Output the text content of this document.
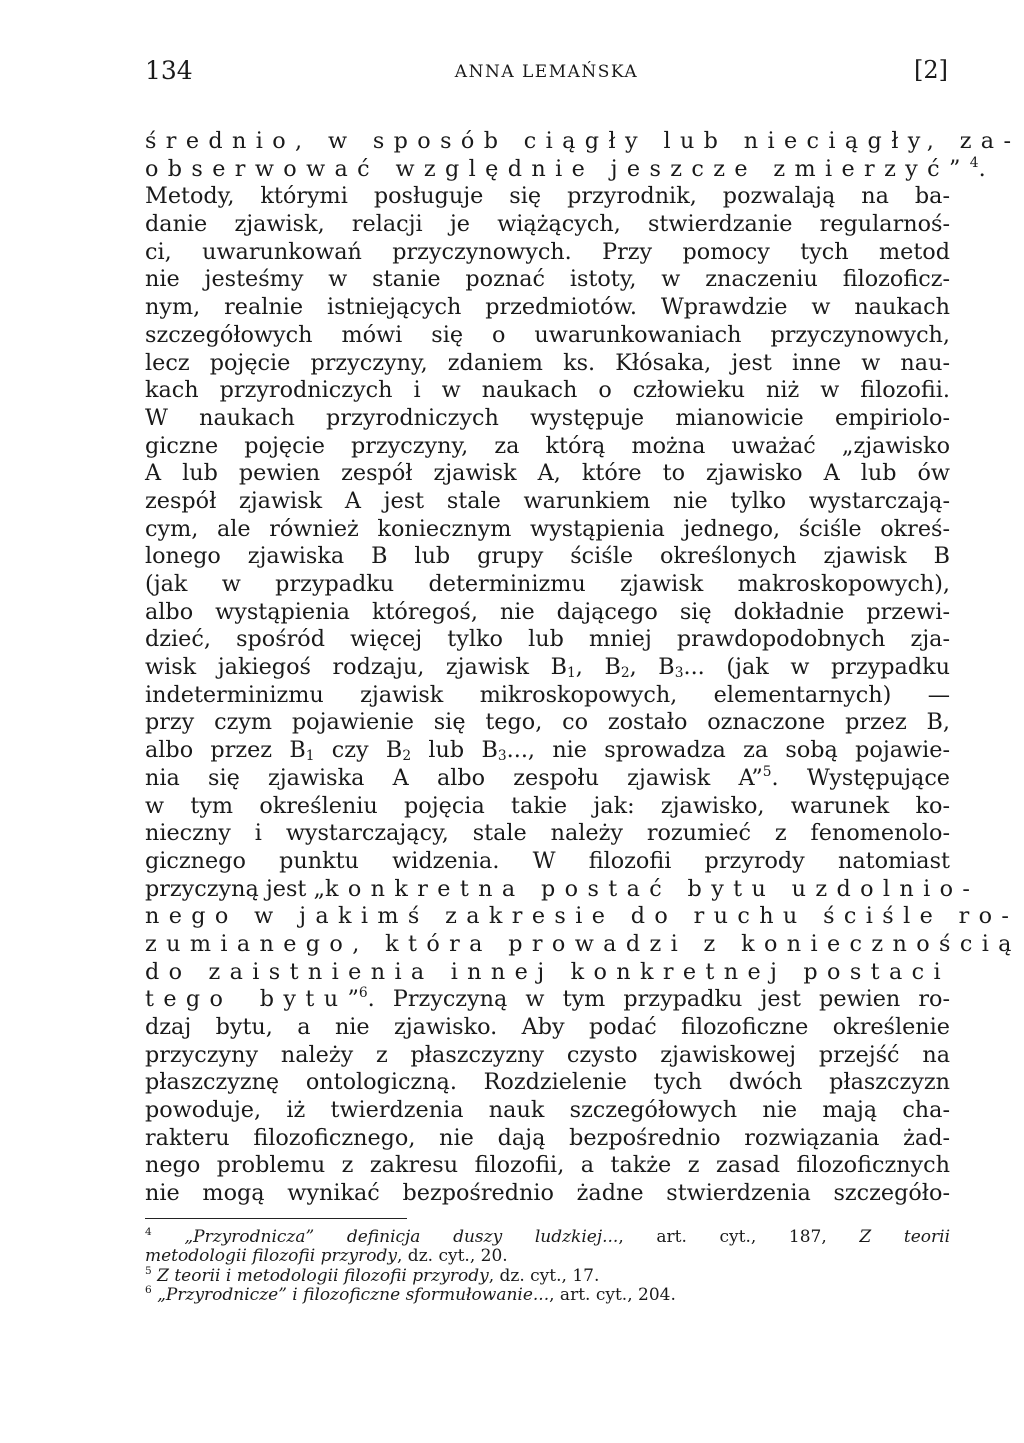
134	ANNA LEMAŃSKA	[2]
średnio, w sposób ciągły lub nieciągły, za-
obserwować względnie jeszcze zmierzyć”$^4$.
Metody, którymi posługuje się przyrodnik, pozwalają na ba-
danie zjawisk, relacji je wiążących, stwierdzanie regularnoś-
ci, uwarunkowań przyczynowych. Przy pomocy tych metod
nie jesteśmy w stanie poznać istoty, w znaczeniu filozoficz-
nym, realnie istniejących przedmiotów. Wprawdzie w naukach
szczegółowych mówi się o uwarunkowaniach przyczynowych,
lecz pojęcie przyczyny, zdaniem ks. Kłósaka, jest inne w nau-
kach przyrodniczych i w naukach o człowieku niż w filozofii.
W naukach przyrodniczych występuje mianowicie empiriolo-
giczne pojęcie przyczyny, za którą można uważać „zjawisko
A lub pewien zespół zjawisk A, które to zjawisko A lub ów
zespół zjawisk A jest stale warunkiem nie tylko wystarczają-
cym, ale również koniecznym wystąpienia jednego, ściśle okreś-
lonego zjawiska B lub grupy ściśle określonych zjawisk B
(jak w przypadku determinizmu zjawisk makroskopowych),
albo wystąpienia któregoś, nie dającego się dokładnie przewi-
dzieć, spośród więcej tylko lub mniej prawdopodobnych zja-
wisk jakiegoś rodzaju, zjawisk $B_1$, $B_2$, $B_3$... (jak w przypadku
indeterminizmu zjawisk mikroskopowych, elementarnych) —
przy czym pojawienie się tego, co zostało oznaczone przez B,
albo przez $B_1$ czy $B_2$ lub $B_3$..., nie sprowadza za sobą pojawie-
nia się zjawiska A albo zespołu zjawisk A”$^5$. Występujące
w tym określeniu pojęcia takie jak: zjawisko, warunek ko-
nieczny i wystarczający, stale należy rozumieć z fenomenolo-
gicznego punktu widzenia. W filozofii przyrody natomiast
przyczyną jest „konkretna postać bytu uzdolnio-
nego w jakimś zakresie do ruchu ściśle ro-
zumianego, która prowadzi z koniecznością
do zaistnienia innej konkretnej postaci
tego bytu”$^6$. Przyczyną w tym przypadku jest pewien ro-
dzaj bytu, a nie zjawisko. Aby podać filozoficzne określenie
przyczyny należy z płaszczyzny czysto zjawiskowej przejść na
płaszczyznę ontologiczną. Rozdzielenie tych dwóch płaszczyzn
powoduje, iż twierdzenia nauk szczegółowych nie mają cha-
rakteru filozoficznego, nie dają bezpośrednio rozwiązania żad-
nego problemu z zakresu filozofii, a także z zasad filozoficznych
nie mogą wynikać bezpośrednio żadne stwierdzenia szczegóło-
$^4$ „Przyrodnicza” definicja duszy ludzkiej..., art. cyt., 187, Z teorii
metodologii filozofii przyrody, dz. cyt., 20.
$^5$ Z teorii i metodologii filozofii przyrody, dz. cyt., 17.
$^6$ „Przyrodnicze” i filozoficzne sformułowanie..., art. cyt., 204.
